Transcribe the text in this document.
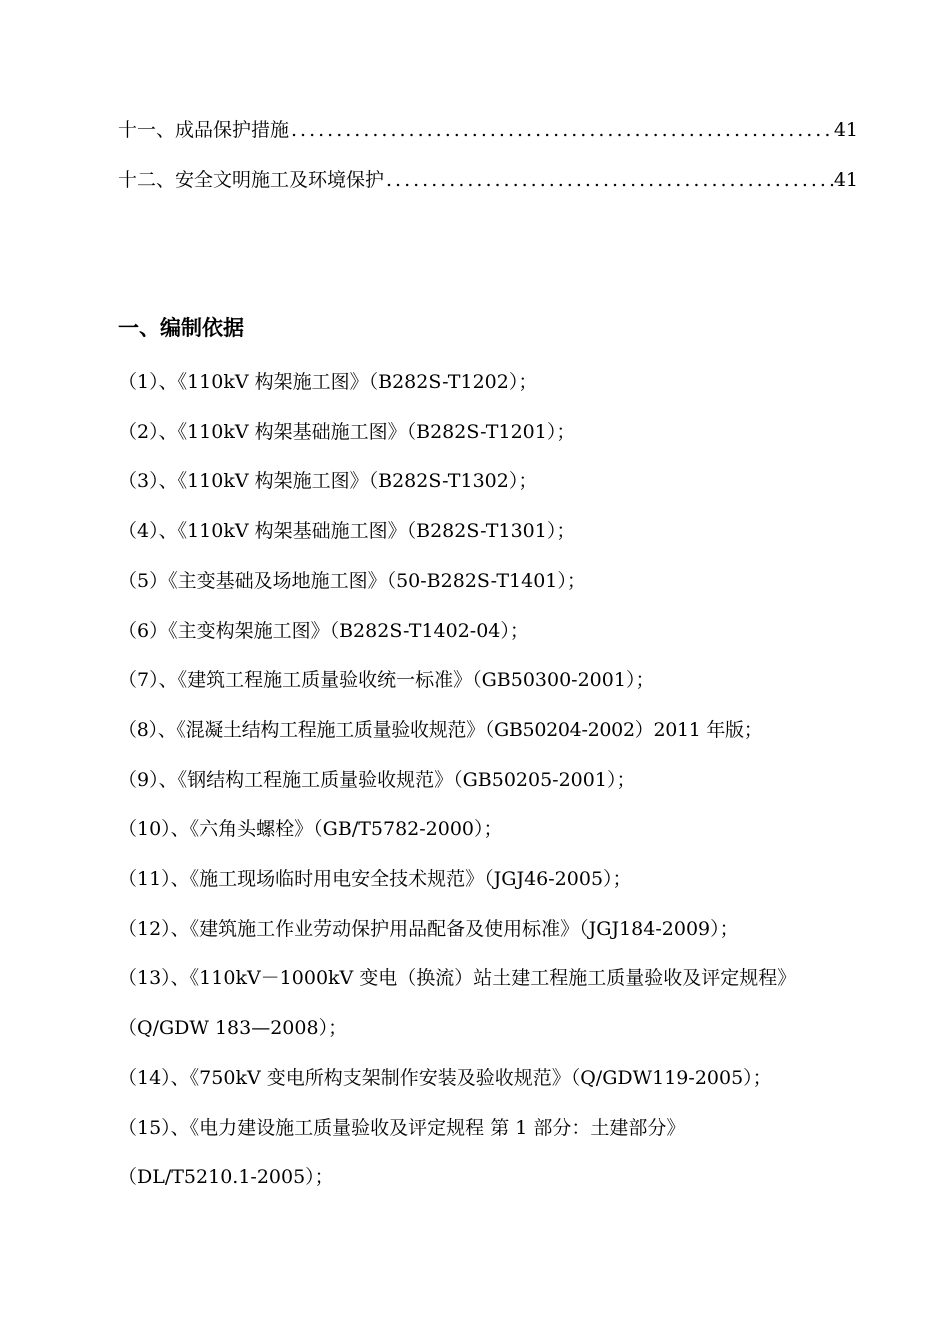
十一、成品保护措施 .....	41
十二、安全文明施工及环境保护 .....	41
一、编制依据
（1）、《110kV 构架施工图》（B282S-T1202）；
（2）、《110kV 构架基础施工图》（B282S-T1201）；
（3）、《110kV 构架施工图》（B282S-T1302）；
（4）、《110kV 构架基础施工图》（B282S-T1301）；
（5）《主变基础及场地施工图》（50-B282S-T1401）；
（6）《主变构架施工图》（B282S-T1402-04）；
（7）、《建筑工程施工质量验收统一标准》（GB50300-2001）；
（8）、《混凝土结构工程施工质量验收规范》（GB50204-2002）2011 年版；
（9）、《钢结构工程施工质量验收规范》（GB50205-2001）；
（10）、《六角头螺栓》（GB/T5782-2000）；
（11）、《施工现场临时用电安全技术规范》（JGJ46-2005）；
（12）、《建筑施工作业劳动保护用品配备及使用标准》（JGJ184-2009）；
（13）、《110kV－1000kV 变电（换流）站土建工程施工质量验收及评定规程》 （Q/GDW 183—2008）；
（14）、《750kV 变电所构支架制作安装及验收规范》（Q/GDW119-2005）；
（15）、《电力建设施工质量验收及评定规程 第 1 部分：土建部分》（DL/T5210.1-2005）；
